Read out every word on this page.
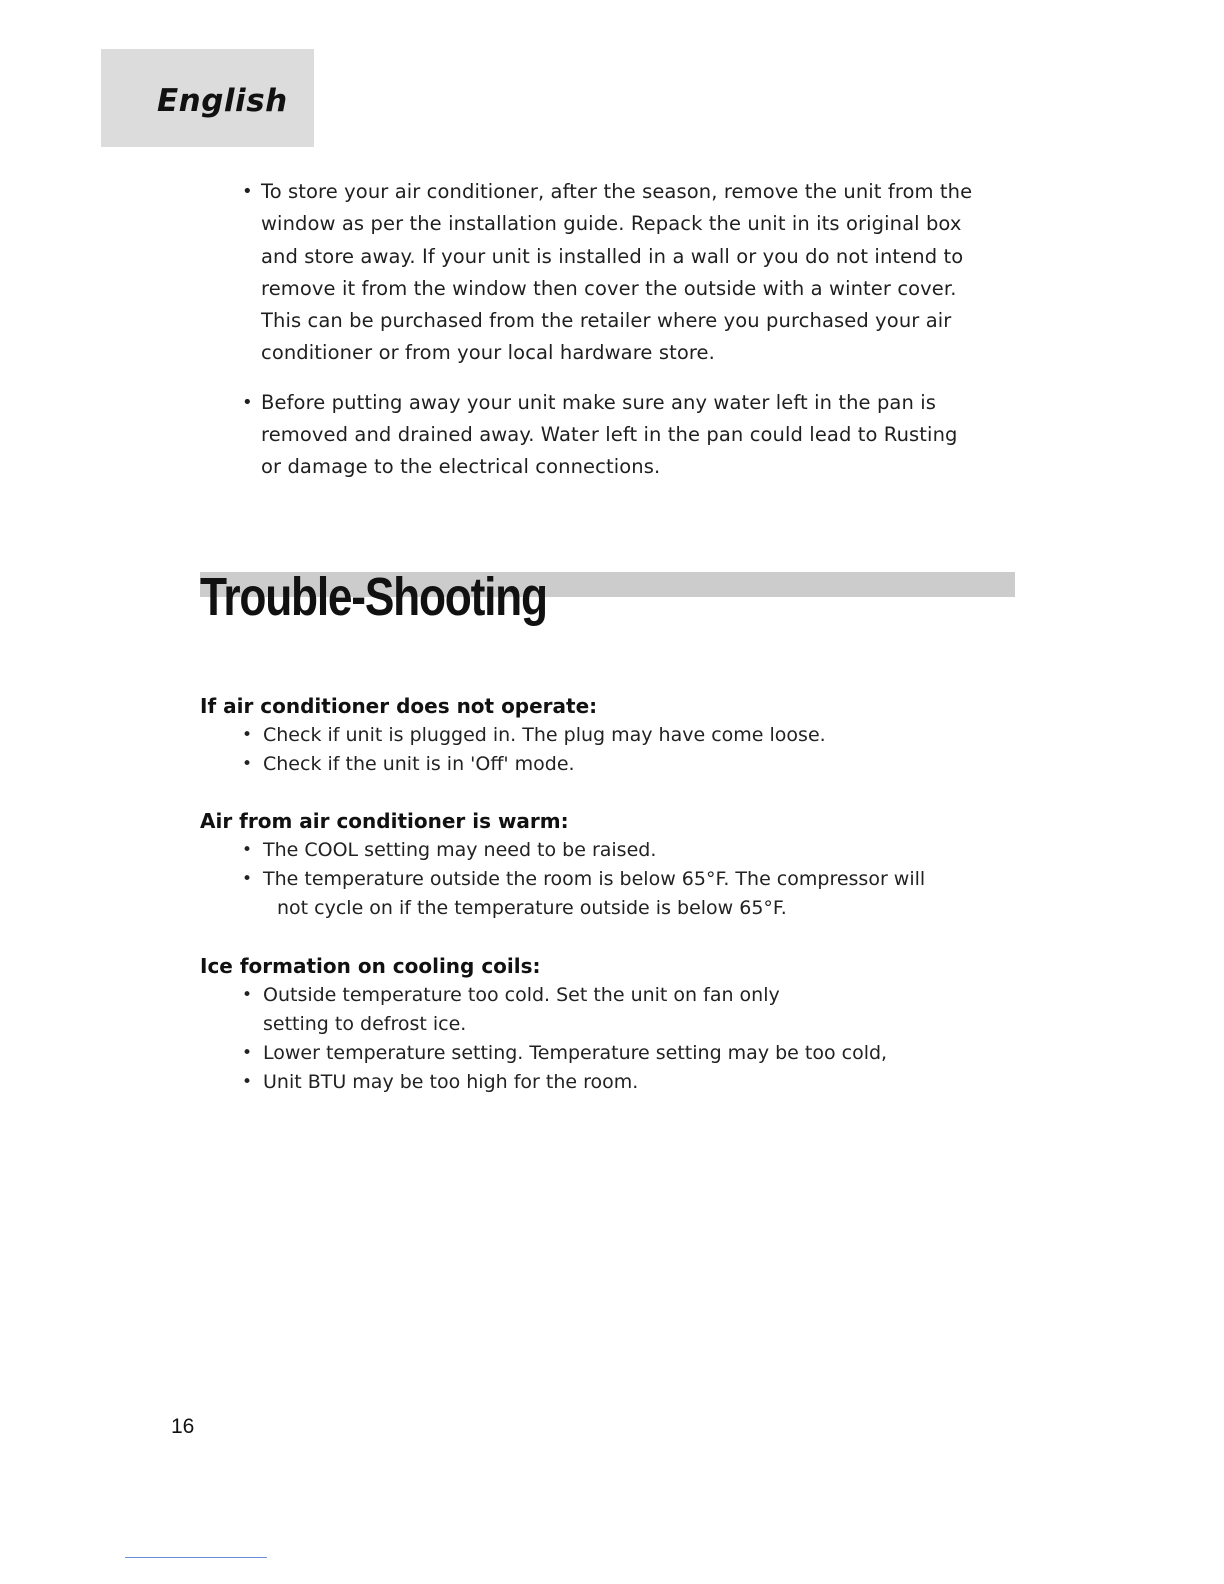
English

• To store your air conditioner, after the season, remove the unit from the window as per the installation guide. Repack the unit in its original box and store away. If your unit is installed in a wall or you do not intend to remove it from the window then cover the outside with a winter cover. This can be purchased from the retailer where you purchased your air conditioner or from your local hardware store.

• Before putting away your unit make sure any water left in the pan is removed and drained away. Water left in the pan could lead to Rusting or damage to the electrical connections.

Trouble-Shooting
If air conditioner does not operate:

• Check if unit is plugged in. The plug may have come loose.

• Check if the unit is in 'Off' mode.

Air from air conditioner is warm:

• The COOL setting may need to be raised.

• The temperature outside the room is below 65°F. The compressor will

not cycle on if the temperature outside is below 65°F.

Ice formation on cooling coils:

• Outside temperature too cold. Set the unit on fan only

setting to defrost ice.

• Lower temperature setting. Temperature setting may be too cold,

• Unit BTU may be too high for the room.

16
